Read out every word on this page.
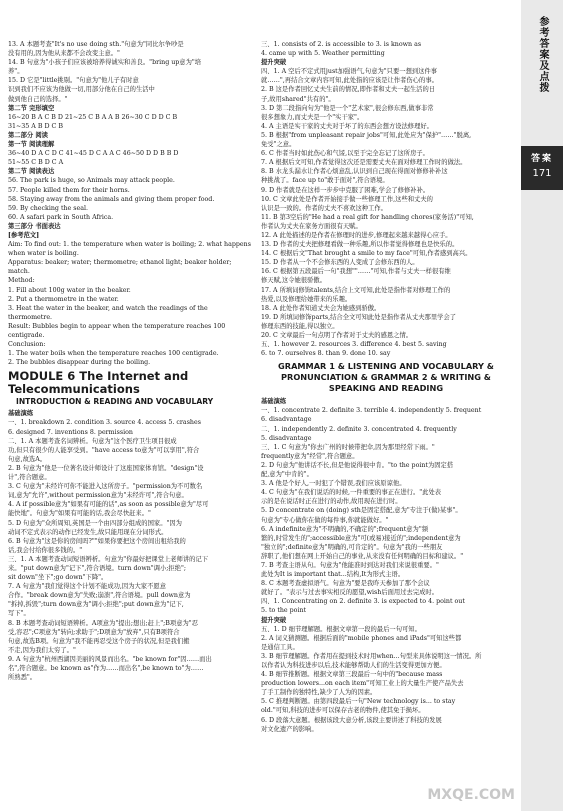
13. A 本题考查"It's no use doing sth."句意为"同比尔争吵是

没有用的,因为他从来都不会改变主意。"

14. B 句意为"小孩子们应该被培养得诚实和善良。"bring up意为"培

养"。

15. D 它是"little挑剔。"句意为"他儿子有时意

识到我们不应该为他做一切,用部分他在自己的生活中

做到他自己的选择。"

第二节 完形填空

16~20 B A C B D 21~25 C B A A B 26~30 C D D C B

31~35 A B D C B

第二部分 阅读

第一节 阅读理解

36~40 D A C D C 41~45 D C A A C 46~50 D D B B D

51~55 C B D C A

第二节 阅读表达

56. The park is huge, so Animals may attack people.

57. People killed them for their horns.

58. Staying away from the animals and giving them proper food.

59. By checking the seal.

60. A safari park in South Africa.

第三部分 书面表达

[参考范文]

Aim: To find out: 1. the temperature when water is boiling; 2. what happens

when water is boiling.

Apparatus: beaker; water; thermometre; ethanol light; beaker holder;

match.

Method:

1. Fill about 100g water in the beaker.

2. Put a thermometre in the water.

3. Heat the water in the beaker, and watch the readings of the thermometre.

Result: Bubbles begin to appear when the temperature reaches 100

centigrade.

Conclusion:

1. The water boils when the temperature reaches 100 centigrade.

2. The bubbles disappear during the boiling.

MODULE 6 The Internet and Telecommunications
INTRODUCTION & READING AND VOCABULARY

基础演练

一、1. breakdown 2. condition 3. source 4. access 5. crashes

6. designed 7. inventions 8. permission

二、1. A 本题考查名词辨析。句意为"这个医疗卫生项目很成

功,但只有很少的人能享受到。"have access to意为"可以享用",符合

句意,故选A。

2. B 句意为"他是一位著名设计师设计了这座国家体育馆。"design"设

计",符合题意。

3. C 句意为"未经许可你不能进入这所房子。"permission为不可数名

词,意为"允许",without permission意为"未经许可",符合句意。

4. A if possible意为"如果有可能的话",as soon as possible意为"尽可

能快地"。句意为"如果有可能的话,我会尽快赶来。"

5. D 句意为"众所周知,英国是一个由四部分组成的国家。"因为

动词不定式表示的动作已经发生,故只能用现在分词形式。

6. B 句意为"这是你的房间吗?""如果你要把这个房间出租给我的

话,我会付给你很多钱的。"

三、1. A 本题考查动词短语辨析。句意为"你最好把课堂上老师讲的记下

来。"put down意为"记下",符合语境。turn down"调小;拒绝";

sit down"坐下";go down"下降"。

7. A 句意为"我们觉得这个计划不能成功,因为大家不愿意

合作。"break down意为"失败;崩溃",符合语境。pull down意为

"拆掉,拆毁";turn down意为"调小;拒绝";put down意为"记下,

写下"。

8. B 本题考查动词短语辨析。A项意为"提出;想出;赶上";B项意为"忍

受,容忍";C项意为"转向;求助于";D项意为"放弃",只有B项符合

句意,故选B项。句意为"我不能再忍受这个房子的状况,但是我们搬

不走,因为我们太穷了。"

9. A 句意为"杭州西湖因美丽的风景而出名。"be known for"因……而出

名",符合题意。be known as"作为……而出名",be known to"为……

所熟悉"。

三、1. consists of 2. is accessible to 3. is known as

4. came up with 5. Weather permitting

提升突破

四、1. A 空后不定式用just加强语气,句意为"只要一想到这件事

就……",再结合文章内容可知,此处指的应该是让作者伤心的事。

2. B 这是作者回忆丈夫生前的情况,即作者和丈夫一起生活的日

子,故用shared"共有的"。

3. D 第二段指向句为"他是一个"艺术家",很会修东西,做事非常

很多想象力,而丈夫是一个"实干家"。

4. A 主语是实干家的丈夫对于坏了的东西会想方设法修理好。

5. B 根据"from unpleasant repair jobs"可知,此处应为"保护"……"脱离,

免受"之意。

6. C 作者当时如此伤心和气馁,以至于完全忘记了这所房子。

7. A 根据后文可知,作者觉得这次还是需要丈夫在面对修理工作时的做法。

8. B 水龙头漏水让作者心烦意乱,认识到自己现在得面对修修补补这

种挑战了。face up to"敢于面对",符合语境。

9. D 作者就是在这样一步步中克服了困难,学会了修修补补。

10. C 文章此处是作者开始接手做一些修理工作,这些和丈夫的

认识是一致的。作者的丈夫不喜欢这种工作。

11. B 第3空后的"He had a real gift for handling chores(家务活)"可知,

作者认为丈夫在家务方面很有天赋。

12. A 此处描述的是作者在修理时的进步,修理起来越来越得心应手。

13. D 作者的丈夫把修理看做一种乐趣,所以作者觉得修理也是快乐的。

14. C 根据后文"That brought a smile to my face"可知,作者感到高兴。

15. D 作者从一个不会修东西的人变成了会修东西的人。

16. C 根据第五段最后一句"我想""……"可知,作者与丈夫一样很有维

修天赋,这令她很骄傲。

17. A 所填词修饰talents,结合上文可知,此处是指作者对修理工作的

热爱,以及修理给她带来的乐趣。

18. A 此处作者知道丈夫会为她感到骄傲。

19. D 所填词修饰parts,结合全文可知此处是指作者从丈夫那里学会了

修理东西的技能,得以独立。

20. C 文章最后一句点明了作者对于丈夫的感恩之情。

五、1. however 2. resources 3. difference 4. best 5. saving

6. to 7. ourselves 8. than 9. done 10. say

GRAMMAR 1 & LISTENING AND VOCABULARY & PRONUNCIATION & GRAMMAR 2 & WRITING & SPEAKING AND READING

基础演练

一、1. concentrate 2. definite 3. terrible 4. independently 5. frequent

6. disadvantage

二、1. independently 2. definite 3. concentrated 4. frequently

5. disadvantage

三、1. C 句意为"你去广州的时候带把伞,因为那里经常下雨。"

frequently意为"经常",符合题意。

2. D 句意为"他讲话不长,但是他说得很中肯。"to the point为固定搭

配,意为"中肯的"。

3. A 他是个好人,一时犯了个错误,我们应该原谅他。

4. C 句意为"在我们说话的时候,一件重要的事正在进行。"此处表

示的是在说话时正在进行的动作,故用现在进行时。

5. D concentrate on (doing) sth是固定搭配,意为"专注于(做)某事"。

句意为"专心做你在做的每件事,你就能做好。"

6. A indefinite意为"不明确的,不确定的";frequent意为"频

繁的,时常发生的";accessible意为"可(或易)接近的";independent意为

"独立的";definite意为"明确的,可肯定的"。句意为"我的一些朋友

辞职了,他们想在网上开始自己的事业,从来没有任何明确的目标和建议。"

7. B 考查主语从句。句意为"他能准时到达对我们来说很重要。"

此处为It is important that...结构,It为形式主语。

8. C 本题考查虚拟语气。句意为"要是我昨天参加了那个会议

就好了。"表示与过去事实相反的愿望,wish后面用过去完成时。

四、1. Concentrating on 2. definite 3. is expected to 4. point out

5. to the point

提升突破

五、1. D 细节理解题。根据文章第一段的最后一句可知。

2. A 词义猜测题。根据后面的"mobile phones and iPads"可知这些都

是通信工具。

3. B 细节理解题。作者用在提到技术时用when...句型来具体说明这一情况。所

以作者认为科技进步以后,技术能够帮助人们的生活变得更加方便。

4. B 细节推断题。根据文章第三段最后一句中的"because mass

production lowers...on each item"可知工业上的大量生产使产品失去

了手工制作的独特性,缺少了人为的因素。

5. C 推理判断题。由第四段最后一句"New technology is... to stay

old."可知,科技的进步可以保存古老的物件,使其免于损坏。

6. D 段落大意题。根据该段大意分析,该段主要讲述了科技的发展

对文化遗产的影响。

参考答案及点拨
答案
171
MXQE.COM
